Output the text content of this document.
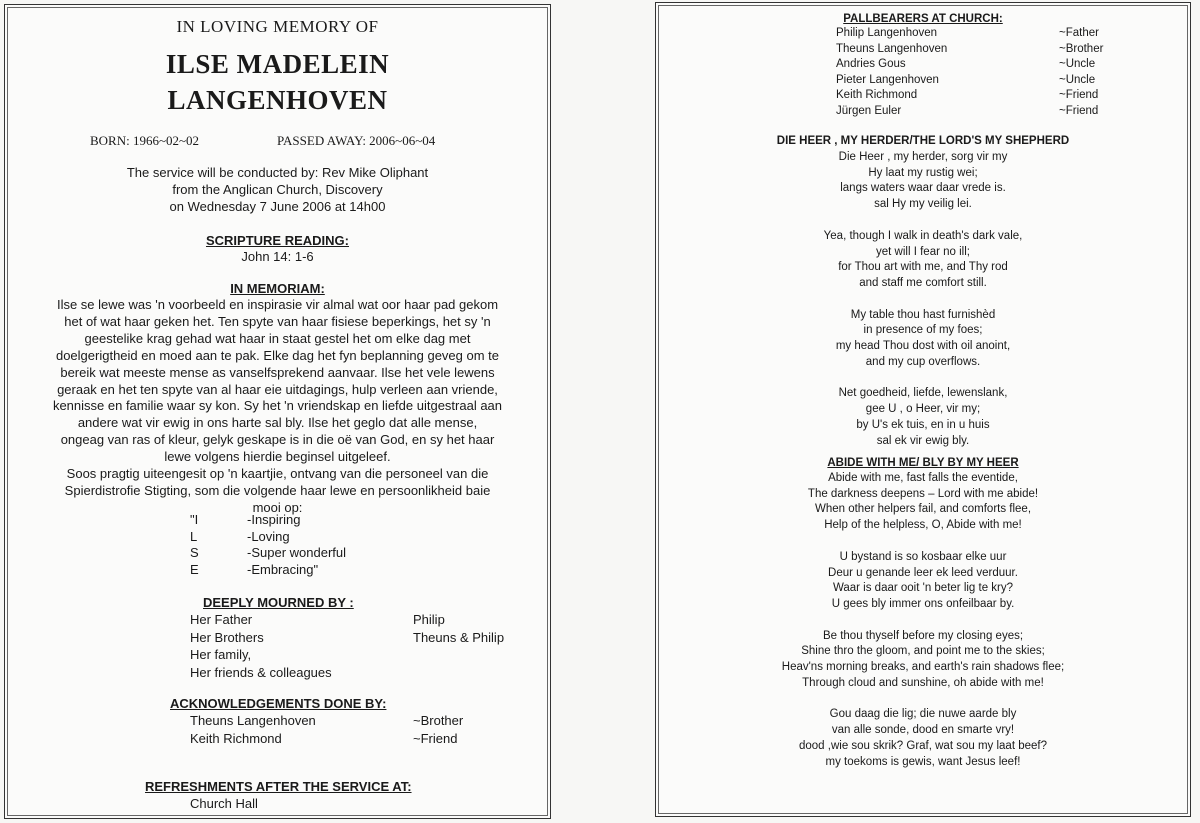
IN LOVING MEMORY OF
ILSE MADELEIN
LANGENHOVEN
BORN: 1966~02~02	PASSED AWAY: 2006~06~04
The service will be conducted by: Rev Mike Oliphant
from the Anglican Church, Discovery
on Wednesday 7 June 2006 at 14h00
SCRIPTURE READING:
John 14: 1-6
IN MEMORIAM:
Ilse se lewe was 'n voorbeeld en inspirasie vir almal wat oor haar pad gekom
het of wat haar geken het. Ten spyte van haar fisiese beperkings, het sy 'n
geestelike krag gehad wat haar in staat gestel het om elke dag met
doelgerigtheid en moed aan te pak. Elke dag het fyn beplanning geveg om te
bereik wat meeste mense as vanselfsprekend aanvaar. Ilse het vele lewens
geraak en het ten spyte van al haar eie uitdagings, hulp verleen aan vriende,
kennisse en familie waar sy kon. Sy het 'n vriendskap en liefde uitgestraal aan
andere wat vir ewig in ons harte sal bly. Ilse het geglo dat alle mense,
ongeag van ras of kleur, gelyk geskape is in die oë van God, en sy het haar
lewe volgens hierdie beginsel uitgeleef.
Soos pragtig uiteengesit op 'n kaartjie, ontvang van die personeel van die
Spierdistrofie Stigting, som die volgende haar lewe en persoonlikheid baie
mooi op:
"I	-Inspiring
L	-Loving
S	-Super wonderful
E	-Embracing"
DEEPLY MOURNED BY :
Her Father	Philip
Her Brothers	Theuns & Philip
Her family,
Her friends & colleagues
ACKNOWLEDGEMENTS DONE BY:
Theuns Langenhoven	~Brother
Keith Richmond	~Friend
REFRESHMENTS AFTER THE SERVICE AT:
Church Hall
PALLBEARERS AT CHURCH:
Philip Langenhoven	~Father
Theuns Langenhoven	~Brother
Andries Gous	~Uncle
Pieter Langenhoven	~Uncle
Keith Richmond	~Friend
Jürgen Euler	~Friend
DIE HEER , MY HERDER/THE LORD'S MY SHEPHERD
Die Heer , my herder, sorg vir my
Hy laat my rustig wei;
langs waters waar daar vrede is.
sal Hy my veilig lei.
Yea, though I walk in death's dark vale,
yet will I fear no ill;
for Thou art with me, and Thy rod
and staff me comfort still.
My table thou hast furnishèd
in presence of my foes;
my head Thou dost with oil anoint,
and my cup overflows.
Net goedheid, liefde, lewenslank,
gee U , o Heer, vir my;
by U's ek tuis, en in u huis
sal ek vir ewig bly.
ABIDE WITH ME/ BLY BY MY HEER
Abide with me, fast falls the eventide,
The darkness deepens – Lord with me abide!
When other helpers fail, and comforts flee,
Help of the helpless, O, Abide with me!
U bystand is so kosbaar elke uur
Deur u genande leer ek leed verduur.
Waar is daar ooit 'n beter lig te kry?
U gees bly immer ons onfeilbaar by.
Be thou thyself before my closing eyes;
Shine thro the gloom, and point me to the skies;
Heav'ns morning breaks, and earth's rain shadows flee;
Through cloud and sunshine, oh abide with me!
Gou daag die lig; die nuwe aarde bly
van alle sonde, dood en smarte vry!
dood ,wie sou skrik? Graf, wat sou my laat beef?
my toekoms is gewis, want Jesus leef!
